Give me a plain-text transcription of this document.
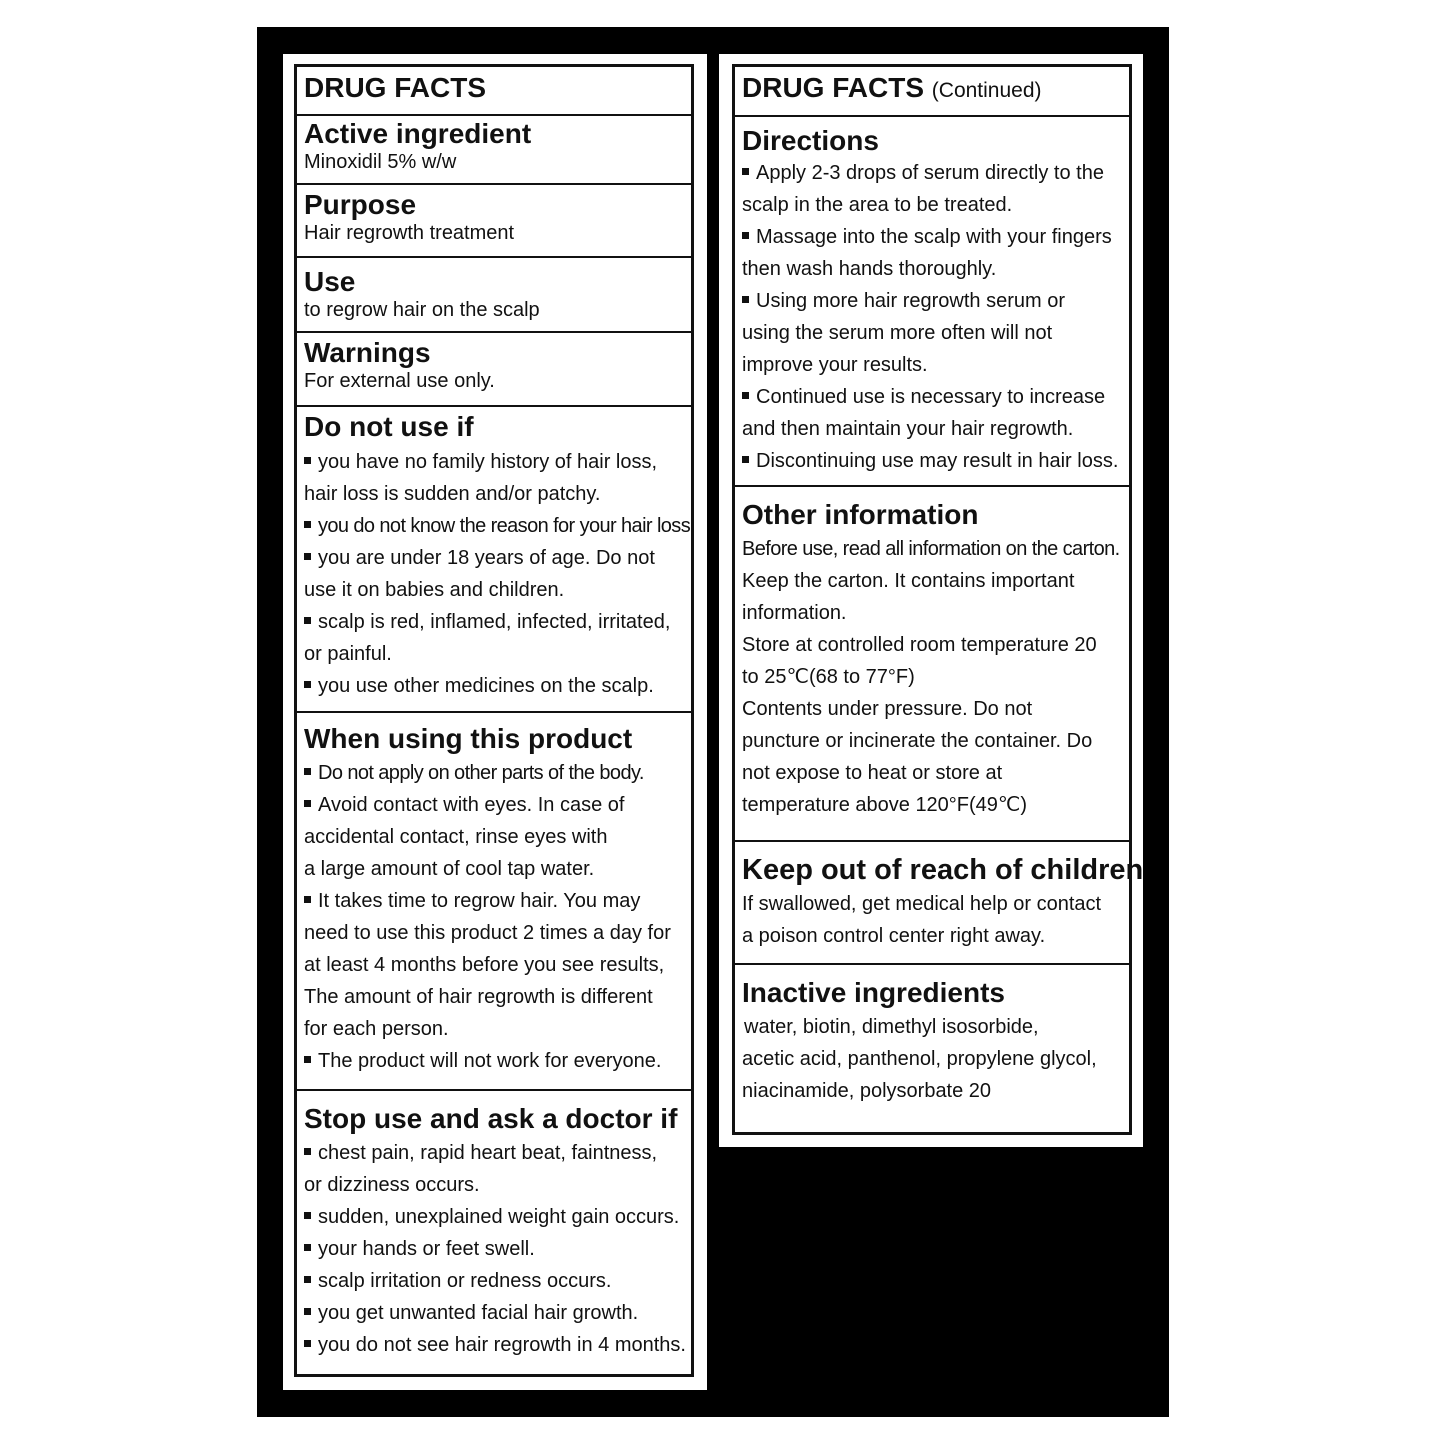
DRUG FACTS

Active ingredient

Minoxidil 5% w/w

Purpose

Hair regrowth treatment

Use

to regrow hair on the scalp

Warnings

For external use only.

Do not use if

you have no family history of hair loss,

hair loss is sudden and/or patchy.

you do not know the reason for your hair loss.

you are under 18 years of age. Do not

use it on babies and children.

scalp is red, inflamed, infected, irritated,

or painful.

you use other medicines on the scalp.

When using this product

Do not apply on other parts of the body.

Avoid contact with eyes. In case of

accidental contact, rinse eyes with

a large amount of cool tap water.

It takes time to regrow hair. You may

need to use this product 2 times a day for

at least 4 months before you see results,

The amount of hair regrowth is different

for each person.

The product will not work for everyone.

Stop use and ask a doctor if

chest pain, rapid heart beat, faintness,

or dizziness occurs.

sudden, unexplained weight gain occurs.

your hands or feet swell.

scalp irritation or redness occurs.

you get unwanted facial hair growth.

you do not see hair regrowth in 4 months.

DRUG FACTS (Continued)

Directions

Apply 2-3 drops of serum directly to the

scalp in the area to be treated.

Massage into the scalp with your fingers

then wash hands thoroughly.

Using more hair regrowth serum or

using the serum more often will not

improve your results.

Continued use is necessary to increase

and then maintain your hair regrowth.

Discontinuing use may result in hair loss.

Other information

Before use, read all information on the carton.

Keep the carton. It contains important

information.

Store at controlled room temperature 20

to 25℃(68 to 77°F)

Contents under pressure. Do not

puncture or incinerate the container. Do

not expose to heat or store at

temperature above 120°F(49℃)

Keep out of reach of children

If swallowed, get medical help or contact

a poison control center right away.

Inactive ingredients

water, biotin, dimethyl isosorbide,

acetic acid, panthenol, propylene glycol,

niacinamide, polysorbate 20
